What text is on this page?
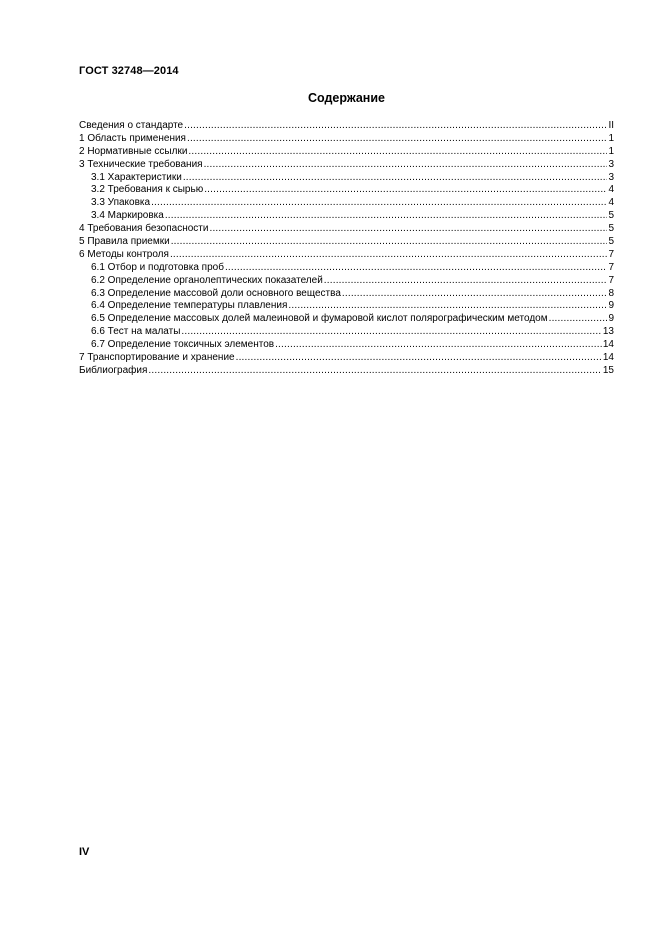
ГОСТ 32748—2014
Содержание
Сведения о стандарте .....	II
1 Область применения .....	1
2 Нормативные ссылки .....	1
3 Технические требования .....	3
3.1 Характеристики .....	3
3.2 Требования к сырью .....	4
3.3 Упаковка .....	4
3.4 Маркировка .....	5
4 Требования безопасности .....	5
5 Правила приемки .....	5
6 Методы контроля .....	7
6.1 Отбор и подготовка проб .....	7
6.2 Определение органолептических показателей .....	7
6.3 Определение массовой доли основного вещества .....	8
6.4 Определение температуры плавления .....	9
6.5 Определение массовых долей малеиновой и фумаровой кислот полярографическим методом .....	9
6.6 Тест на малаты .....	13
6.7 Определение токсичных элементов .....	14
7 Транспортирование и хранение .....	14
Библиография .....	15
IV
